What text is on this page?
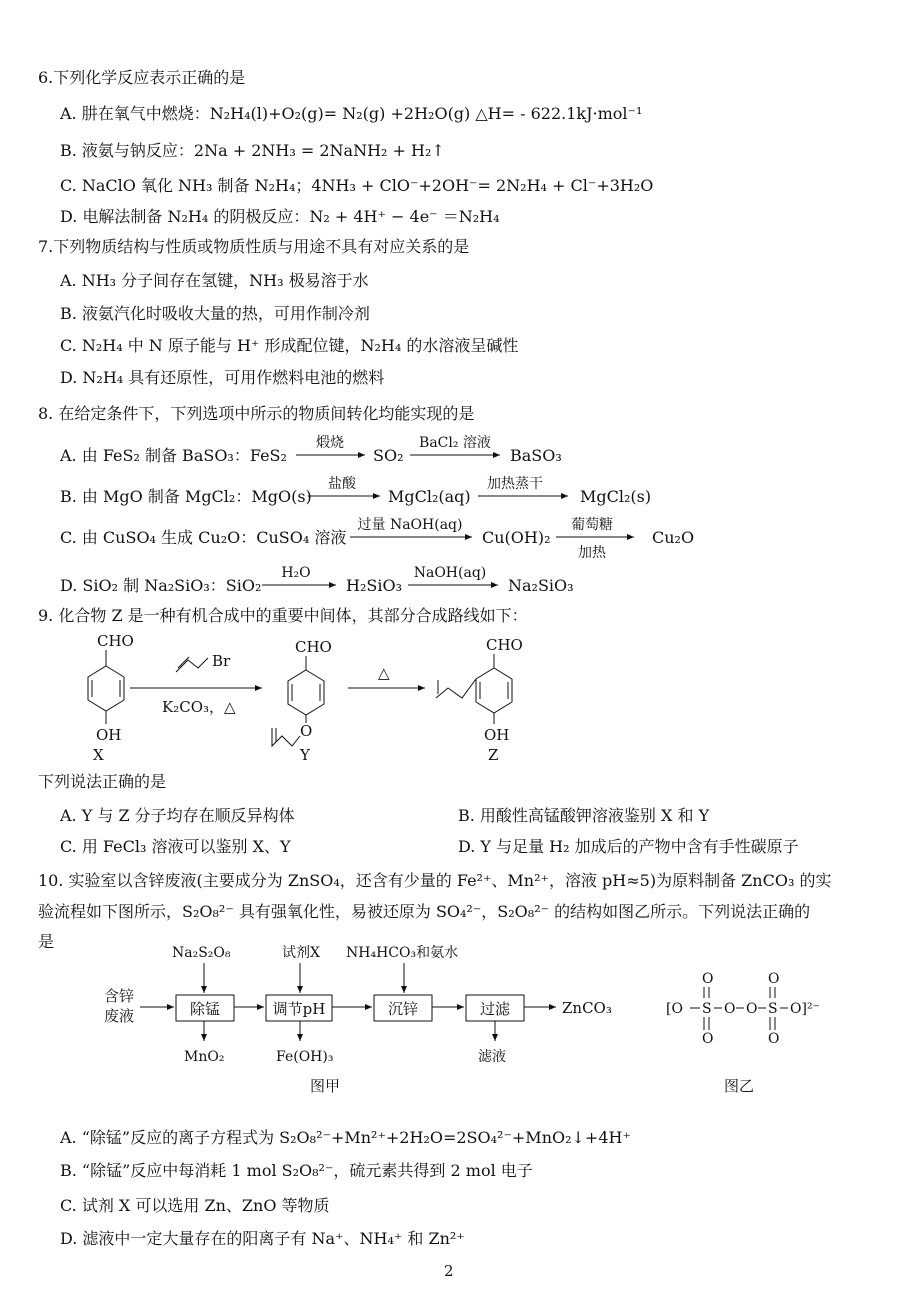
6.下列化学反应表示正确的是
A. 肼在氧气中燃烧：N₂H₄(l)+O₂(g)= N₂(g) +2H₂O(g) △H= - 622.1kJ·mol⁻¹
B. 液氨与钠反应：2Na + 2NH₃ = 2NaNH₂ + H₂↑
C. NaClO 氧化 NH₃ 制备 N₂H₄；4NH₃ + ClO⁻+2OH⁻= 2N₂H₄ + Cl⁻+3H₂O
D. 电解法制备 N₂H₄ 的阴极反应：N₂ + 4H⁺ − 4e⁻ ＝N₂H₄
7.下列物质结构与性质或物质性质与用途不具有对应关系的是
A. NH₃ 分子间存在氢键，NH₃ 极易溶于水
B. 液氨汽化时吸收大量的热，可用作制冷剂
C. N₂H₄ 中 N 原子能与 H⁺ 形成配位键，N₂H₄ 的水溶液呈碱性
D. N₂H₄ 具有还原性，可用作燃料电池的燃料
8. 在给定条件下，下列选项中所示的物质间转化均能实现的是
A. 由 FeS₂ 制备 BaSO₃：FeS₂
煅烧
SO₂
BaCl₂ 溶液
BaSO₃
B. 由 MgO 制备 MgCl₂：MgO(s)
盐酸
MgCl₂(aq)
加热蒸干
MgCl₂(s)
C. 由 CuSO₄ 生成 Cu₂O：CuSO₄ 溶液
过量 NaOH(aq)
Cu(OH)₂
葡萄糖
加热
Cu₂O
D. SiO₂ 制 Na₂SiO₃：SiO₂
H₂O
H₂SiO₃
NaOH(aq)
Na₂SiO₃
9. 化合物 Z 是一种有机合成中的重要中间体，其部分合成路线如下：
CHO
OH
X
Br
K₂CO₃，△
CHO
O
Y
△
CHO
OH
Z
下列说法正确的是
A. Y 与 Z 分子均存在顺反异构体	B. 用酸性高锰酸钾溶液鉴别 X 和 Y
C. 用 FeCl₃ 溶液可以鉴别 X、Y	D. Y 与足量 H₂ 加成后的产物中含有手性碳原子
10. 实验室以含锌废液(主要成分为 ZnSO₄，还含有少量的 Fe²⁺、Mn²⁺，溶液 pH≈5)为原料制备 ZnCO₃ 的实
验流程如下图所示，S₂O₈²⁻ 具有强氧化性，易被还原为 SO₄²⁻，S₂O₈²⁻ 的结构如图乙所示。下列说法正确的
是
Na₂S₂O₈	试剂X NH₄HCO₃和氨水
含锌
废液	除锰	调节pH	沉锌	过滤	ZnCO₃
MnO₂	Fe(OH)₃	滤液
图甲
[O S
O
O
O O S
O
O
O]²⁻
图乙
A. “除锰”反应的离子方程式为 S₂O₈²⁻+Mn²⁺+2H₂O=2SO₄²⁻+MnO₂↓+4H⁺
B. “除锰”反应中每消耗 1 mol S₂O₈²⁻，硫元素共得到 2 mol 电子
C. 试剂 X 可以选用 Zn、ZnO 等物质
D. 滤液中一定大量存在的阳离子有 Na⁺、NH₄⁺ 和 Zn²⁺
2
